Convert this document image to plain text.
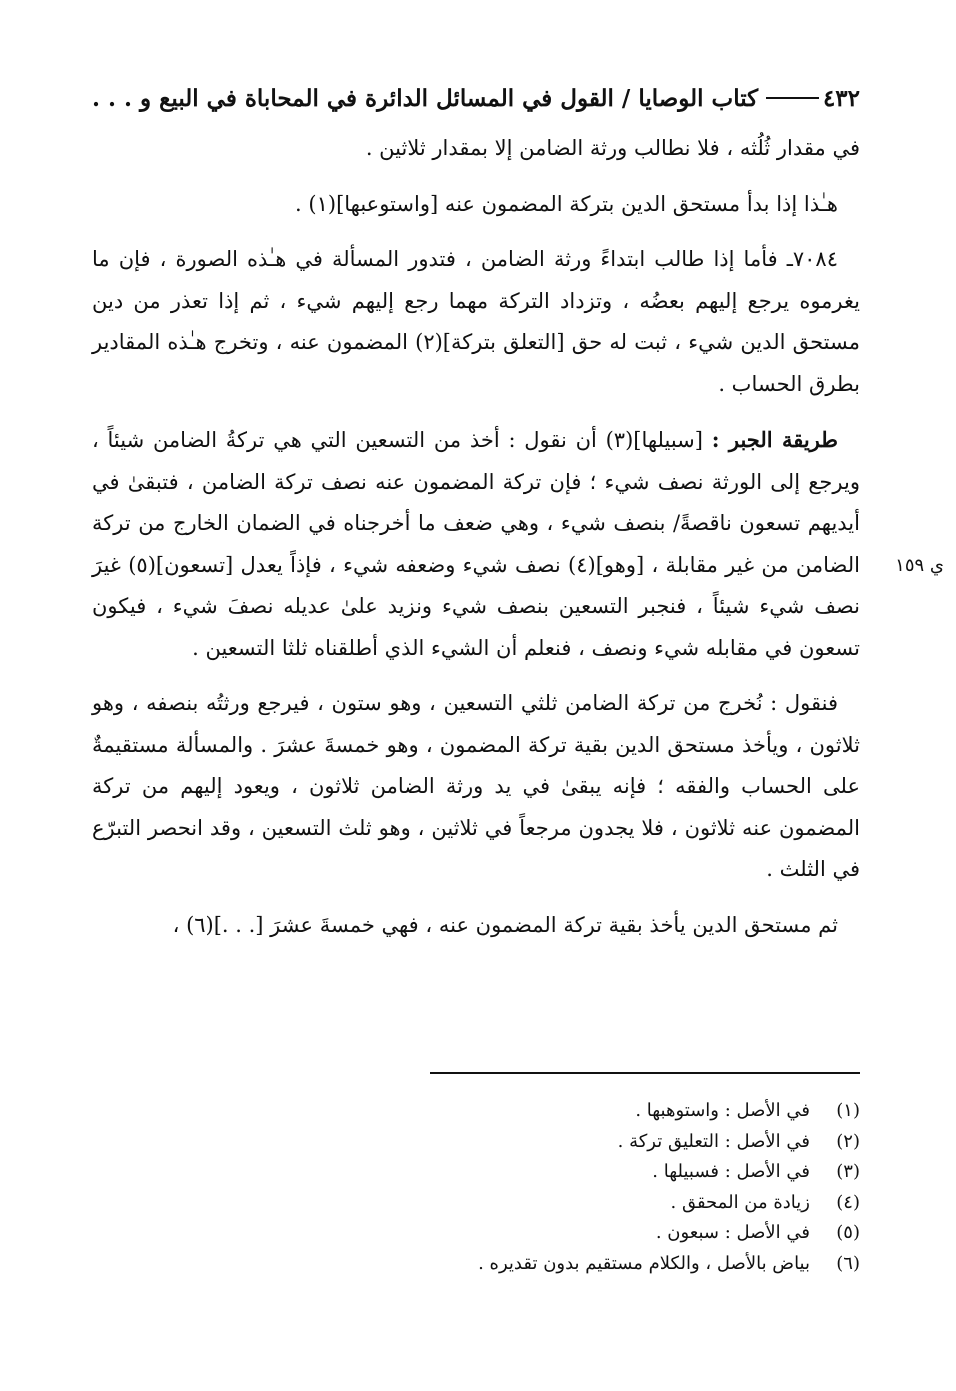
٤٣٢
كتاب الوصايا / القول في المسائل الدائرة في المحاباة في البيع و . . .
ي ١٥٩

في مقدار ثُلُثه ، فلا نطالب ورثة الضامن إلا بمقدار ثلاثين .

هـٰذا إذا بدأ مستحق الدين بتركة المضمون عنه [واستوعبها](١) .

٧٠٨٤ـ فأما إذا طالب ابتداءً ورثة الضامن ، فتدور المسألة في هـٰذه الصورة ، فإن ما يغرموه يرجع إليهم بعضُه ، وتزداد التركة مهما رجع إليهم شيء ، ثم إذا تعذر من دين مستحق الدين شيء ، ثبت له حق [التعلق بتركة](٢) المضمون عنه ، وتخرج هـٰذه المقادير بطرق الحساب .

طريقة الجبر : [سبيلها](٣) أن نقول : أخذ من التسعين التي هي تركةُ الضامن شيئاً ، ويرجع إلى الورثة نصف شيء ؛ فإن تركة المضمون عنه نصف تركة الضامن ، فتبقىٰ في أيديهم تسعون ناقصةً/ بنصف شيء ، وهي ضعف ما أخرجناه في الضمان الخارج من تركة الضامن من غير مقابلة ، [وهو](٤) نصف شيء وضعفه شيء ، فإذاً يعدل [تسعون](٥) غيرَ نصف شيء شيئاً ، فنجبر التسعين بنصف شيء ونزيد علىٰ عديله نصفَ شيء ، فيكون تسعون في مقابله شيء ونصف ، فنعلم أن الشيء الذي أطلقناه ثلثا التسعين .

فنقول : نُخرج من تركة الضامن ثلثي التسعين ، وهو ستون ، فيرجع ورثتُه بنصفه ، وهو ثلاثون ، ويأخذ مستحق الدين بقية تركة المضمون ، وهو خمسةَ عشرَ . والمسألة مستقيمةٌ على الحساب والفقه ؛ فإنه يبقىٰ في يد ورثة الضامن ثلاثون ، ويعود إليهم من تركة المضمون عنه ثلاثون ، فلا يجدون مرجعاً في ثلاثين ، وهو ثلث التسعين ، وقد انحصر التبرّع في الثلث .

ثم مستحق الدين يأخذ بقية تركة المضمون عنه ، فهي خمسةَ عشرَ [. . .](٦) ،

(١)
في الأصل : واستوهبها .
(٢)
في الأصل : التعليق تركة .
(٣)
في الأصل : فسبيلها .
(٤)
زيادة من المحقق .
(٥)
في الأصل : سبعون .
(٦)
بياض بالأصل ، والكلام مستقيم بدون تقديره .
